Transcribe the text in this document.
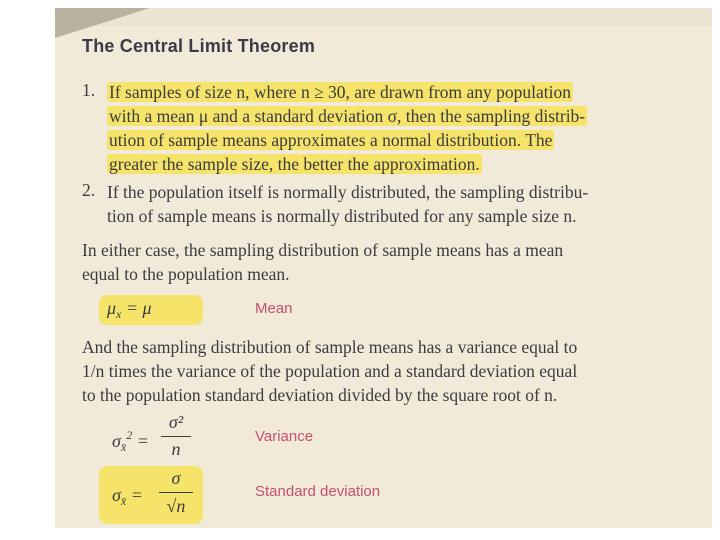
The Central Limit Theorem
1. If samples of size n, where n ≥ 30, are drawn from any population
with a mean μ and a standard deviation σ, then the sampling distrib-
ution of sample means approximates a normal distribution. The
greater the sample size, the better the approximation.
2. If the population itself is normally distributed, the sampling distribu-
tion of sample means is normally distributed for any sample size n.
In either case, the sampling distribution of sample means has a mean
equal to the population mean.
$\mu_x = \mu$	Mean
And the sampling distribution of sample means has a variance equal to
1/n times the variance of the population and a standard deviation equal
to the population standard deviation divided by the square root of n.
$\sigma_{x̄}^2$ =
σ²
n
Variance
$\sigma_{x̄}$ =
σ
√n
Standard deviation
